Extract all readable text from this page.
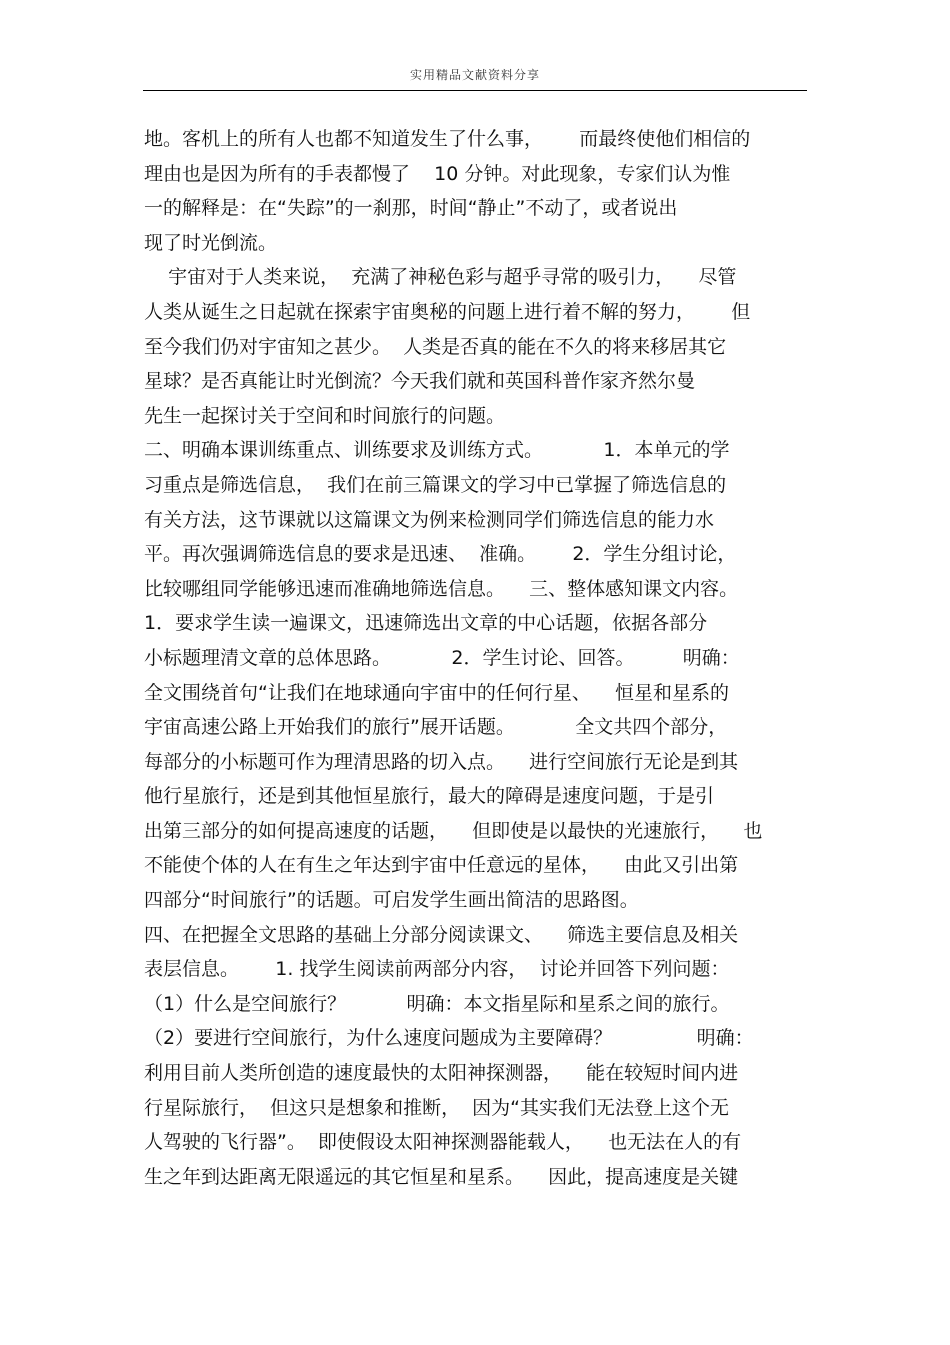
实用精品文献资料分享
地。客机上的所有人也都不知道发生了什么事，      而最终使他们相信的
理由也是因为所有的手表都慢了    10 分钟。对此现象，专家们认为惟
一的解释是：在“失踪”的一刹那，时间“静止”不动了，或者说出
现了时光倒流。
宇宙对于人类来说，  充满了神秘色彩与超乎寻常的吸引力，    尽管
人类从诞生之日起就在探索宇宙奥秘的问题上进行着不解的努力，      但
至今我们仍对宇宙知之甚少。  人类是否真的能在不久的将来移居其它
星球？是否真能让时光倒流？今天我们就和英国科普作家齐然尔曼
先生一起探讨关于空间和时间旅行的问题。
二、明确本课训练重点、训练要求及训练方式。          1．本单元的学
习重点是筛选信息，  我们在前三篇课文的学习中已掌握了筛选信息的
有关方法，这节课就以这篇课文为例来检测同学们筛选信息的能力水
平。再次强调筛选信息的要求是迅速、  准确。      2．学生分组讨论，
比较哪组同学能够迅速而准确地筛选信息。    三、整体感知课文内容。
1．要求学生读一遍课文，迅速筛选出文章的中心话题，依据各部分
小标题理清文章的总体思路。          2．学生讨论、回答。        明确：
全文围绕首句“让我们在地球通向宇宙中的任何行星、    恒星和星系的
宇宙高速公路上开始我们的旅行”展开话题。          全文共四个部分，
每部分的小标题可作为理清思路的切入点。    进行空间旅行无论是到其
他行星旅行，还是到其他恒星旅行，最大的障碍是速度问题，于是引
出第三部分的如何提高速度的话题，    但即使是以最快的光速旅行，    也
不能使个体的人在有生之年达到宇宙中任意远的星体，    由此又引出第
四部分“时间旅行”的话题。可启发学生画出简洁的思路图。
四、在把握全文思路的基础上分部分阅读课文、    筛选主要信息及相关
表层信息。      1. 找学生阅读前两部分内容，  讨论并回答下列问题：
（1）什么是空间旅行？          明确：本文指星际和星系之间的旅行。
（2）要进行空间旅行，为什么速度问题成为主要障碍？              明确：
利用目前人类所创造的速度最快的太阳神探测器，    能在较短时间内进
行星际旅行，  但这只是想象和推断，  因为“其实我们无法登上这个无
人驾驶的飞行器”。  即使假设太阳神探测器能载人，    也无法在人的有
生之年到达距离无限遥远的其它恒星和星系。    因此，提高速度是关键
